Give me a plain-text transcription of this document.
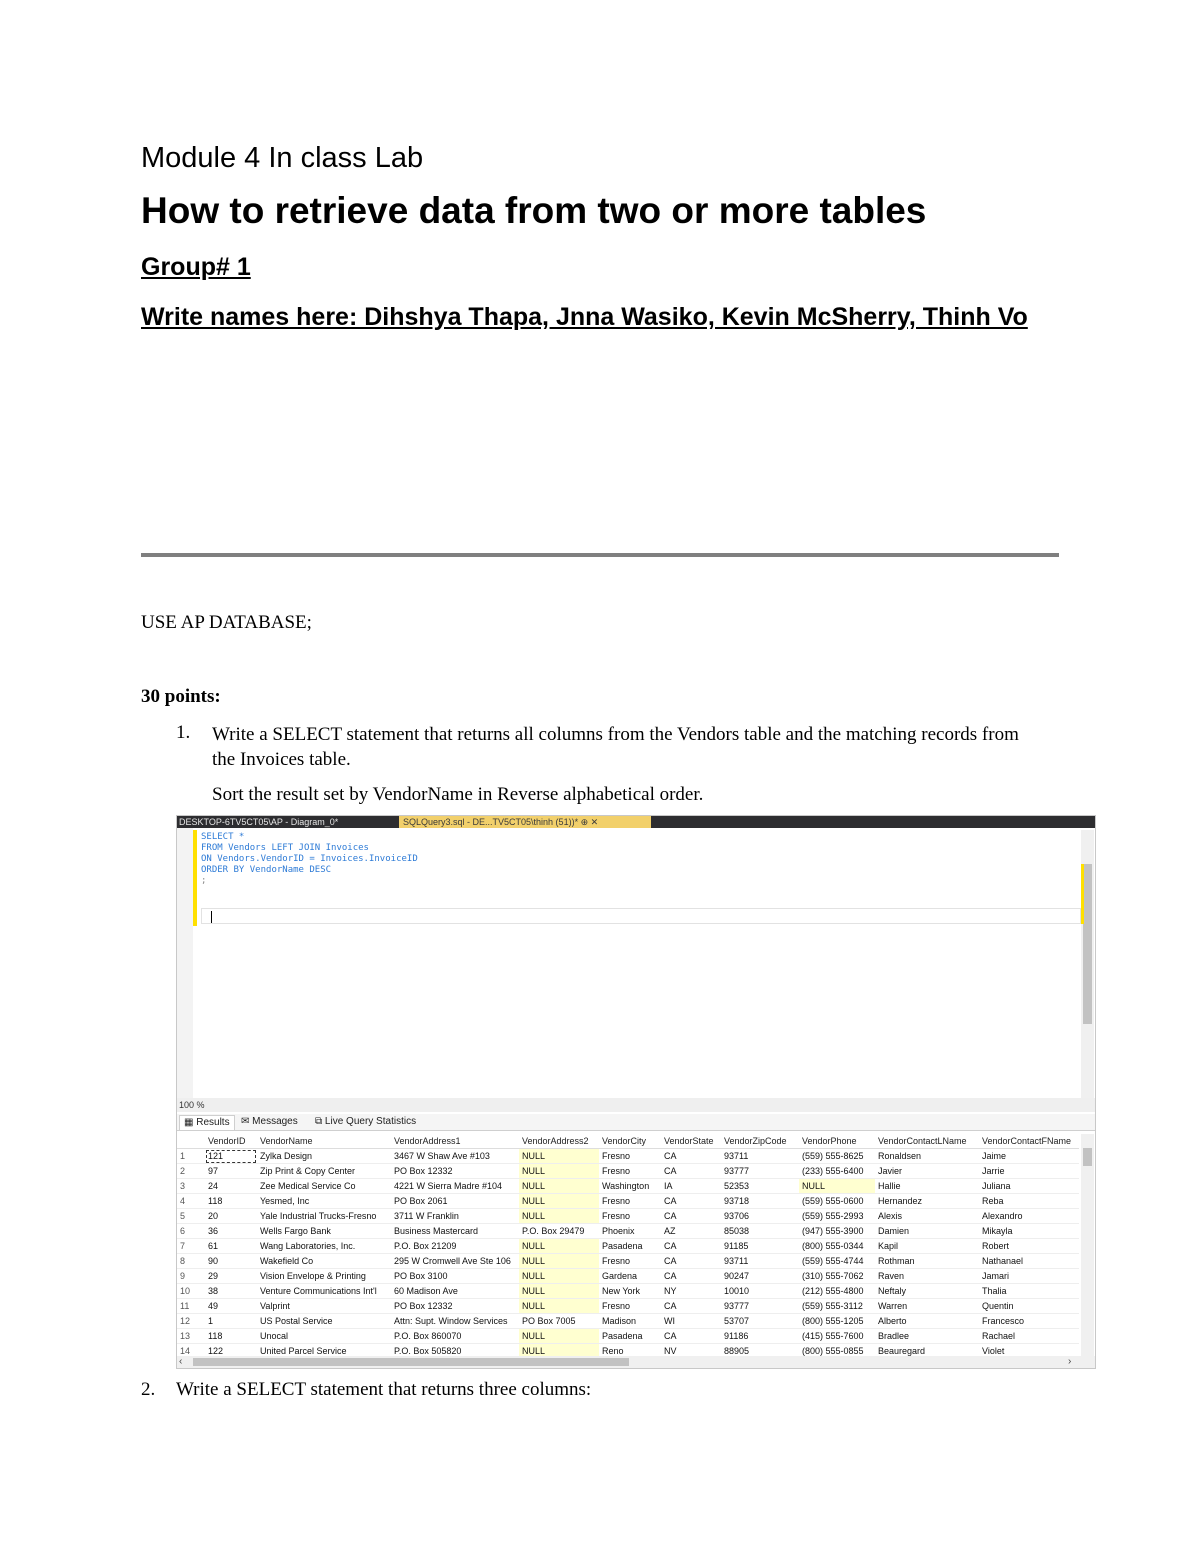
Module 4 In class Lab
How to retrieve data from two or more tables
Group# 1
Write names here: Dihshya Thapa, Jnna Wasiko, Kevin McSherry, Thinh Vo
USE AP DATABASE;
30 points:
1. Write a SELECT statement that returns all columns from the Vendors table and the matching records from the Invoices table.
Sort the result set by VendorName in Reverse alphabetical order.
DESKTOP-6TV5CT05\AP - Diagram_0*	SQLQuery3.sql - DE...TV5CT05\thinh (51))* ⊕ ✕
SELECT *
FROM Vendors LEFT JOIN Invoices
ON Vendors.VendorID = Invoices.InvoiceID
ORDER BY VendorName DESC
;
100 %
▦ Results	✉ Messages	⧉ Live Query Statistics
	VendorID	VendorName	VendorAddress1	VendorAddress2	VendorCity	VendorState	VendorZipCode	VendorPhone	VendorContactLName	VendorContactFName
1	121	Zylka Design	3467 W Shaw Ave #103	NULL	Fresno	CA	93711	(559) 555-8625	Ronaldsen	Jaime
2	97	Zip Print & Copy Center	PO Box 12332	NULL	Fresno	CA	93777	(233) 555-6400	Javier	Jarrie
3	24	Zee Medical Service Co	4221 W Sierra Madre #104	NULL	Washington	IA	52353	NULL	Hallie	Juliana
4	118	Yesmed, Inc	PO Box 2061	NULL	Fresno	CA	93718	(559) 555-0600	Hernandez	Reba
5	20	Yale Industrial Trucks-Fresno	3711 W Franklin	NULL	Fresno	CA	93706	(559) 555-2993	Alexis	Alexandro
6	36	Wells Fargo Bank	Business Mastercard	P.O. Box 29479	Phoenix	AZ	85038	(947) 555-3900	Damien	Mikayla
7	61	Wang Laboratories, Inc.	P.O. Box 21209	NULL	Pasadena	CA	91185	(800) 555-0344	Kapil	Robert
8	90	Wakefield Co	295 W Cromwell Ave Ste 106	NULL	Fresno	CA	93711	(559) 555-4744	Rothman	Nathanael
9	29	Vision Envelope & Printing	PO Box 3100	NULL	Gardena	CA	90247	(310) 555-7062	Raven	Jamari
10	38	Venture Communications Int'l	60 Madison Ave	NULL	New York	NY	10010	(212) 555-4800	Neftaly	Thalia
11	49	Valprint	PO Box 12332	NULL	Fresno	CA	93777	(559) 555-3112	Warren	Quentin
12	1	US Postal Service	Attn: Supt. Window Services	PO Box 7005	Madison	WI	53707	(800) 555-1205	Alberto	Francesco
13	118	Unocal	P.O. Box 860070	NULL	Pasadena	CA	91186	(415) 555-7600	Bradlee	Rachael
14	122	United Parcel Service	P.O. Box 505820	NULL	Reno	NV	88905	(800) 555-0855	Beauregard	Violet
‹	›
2. Write a SELECT statement that returns three columns:
